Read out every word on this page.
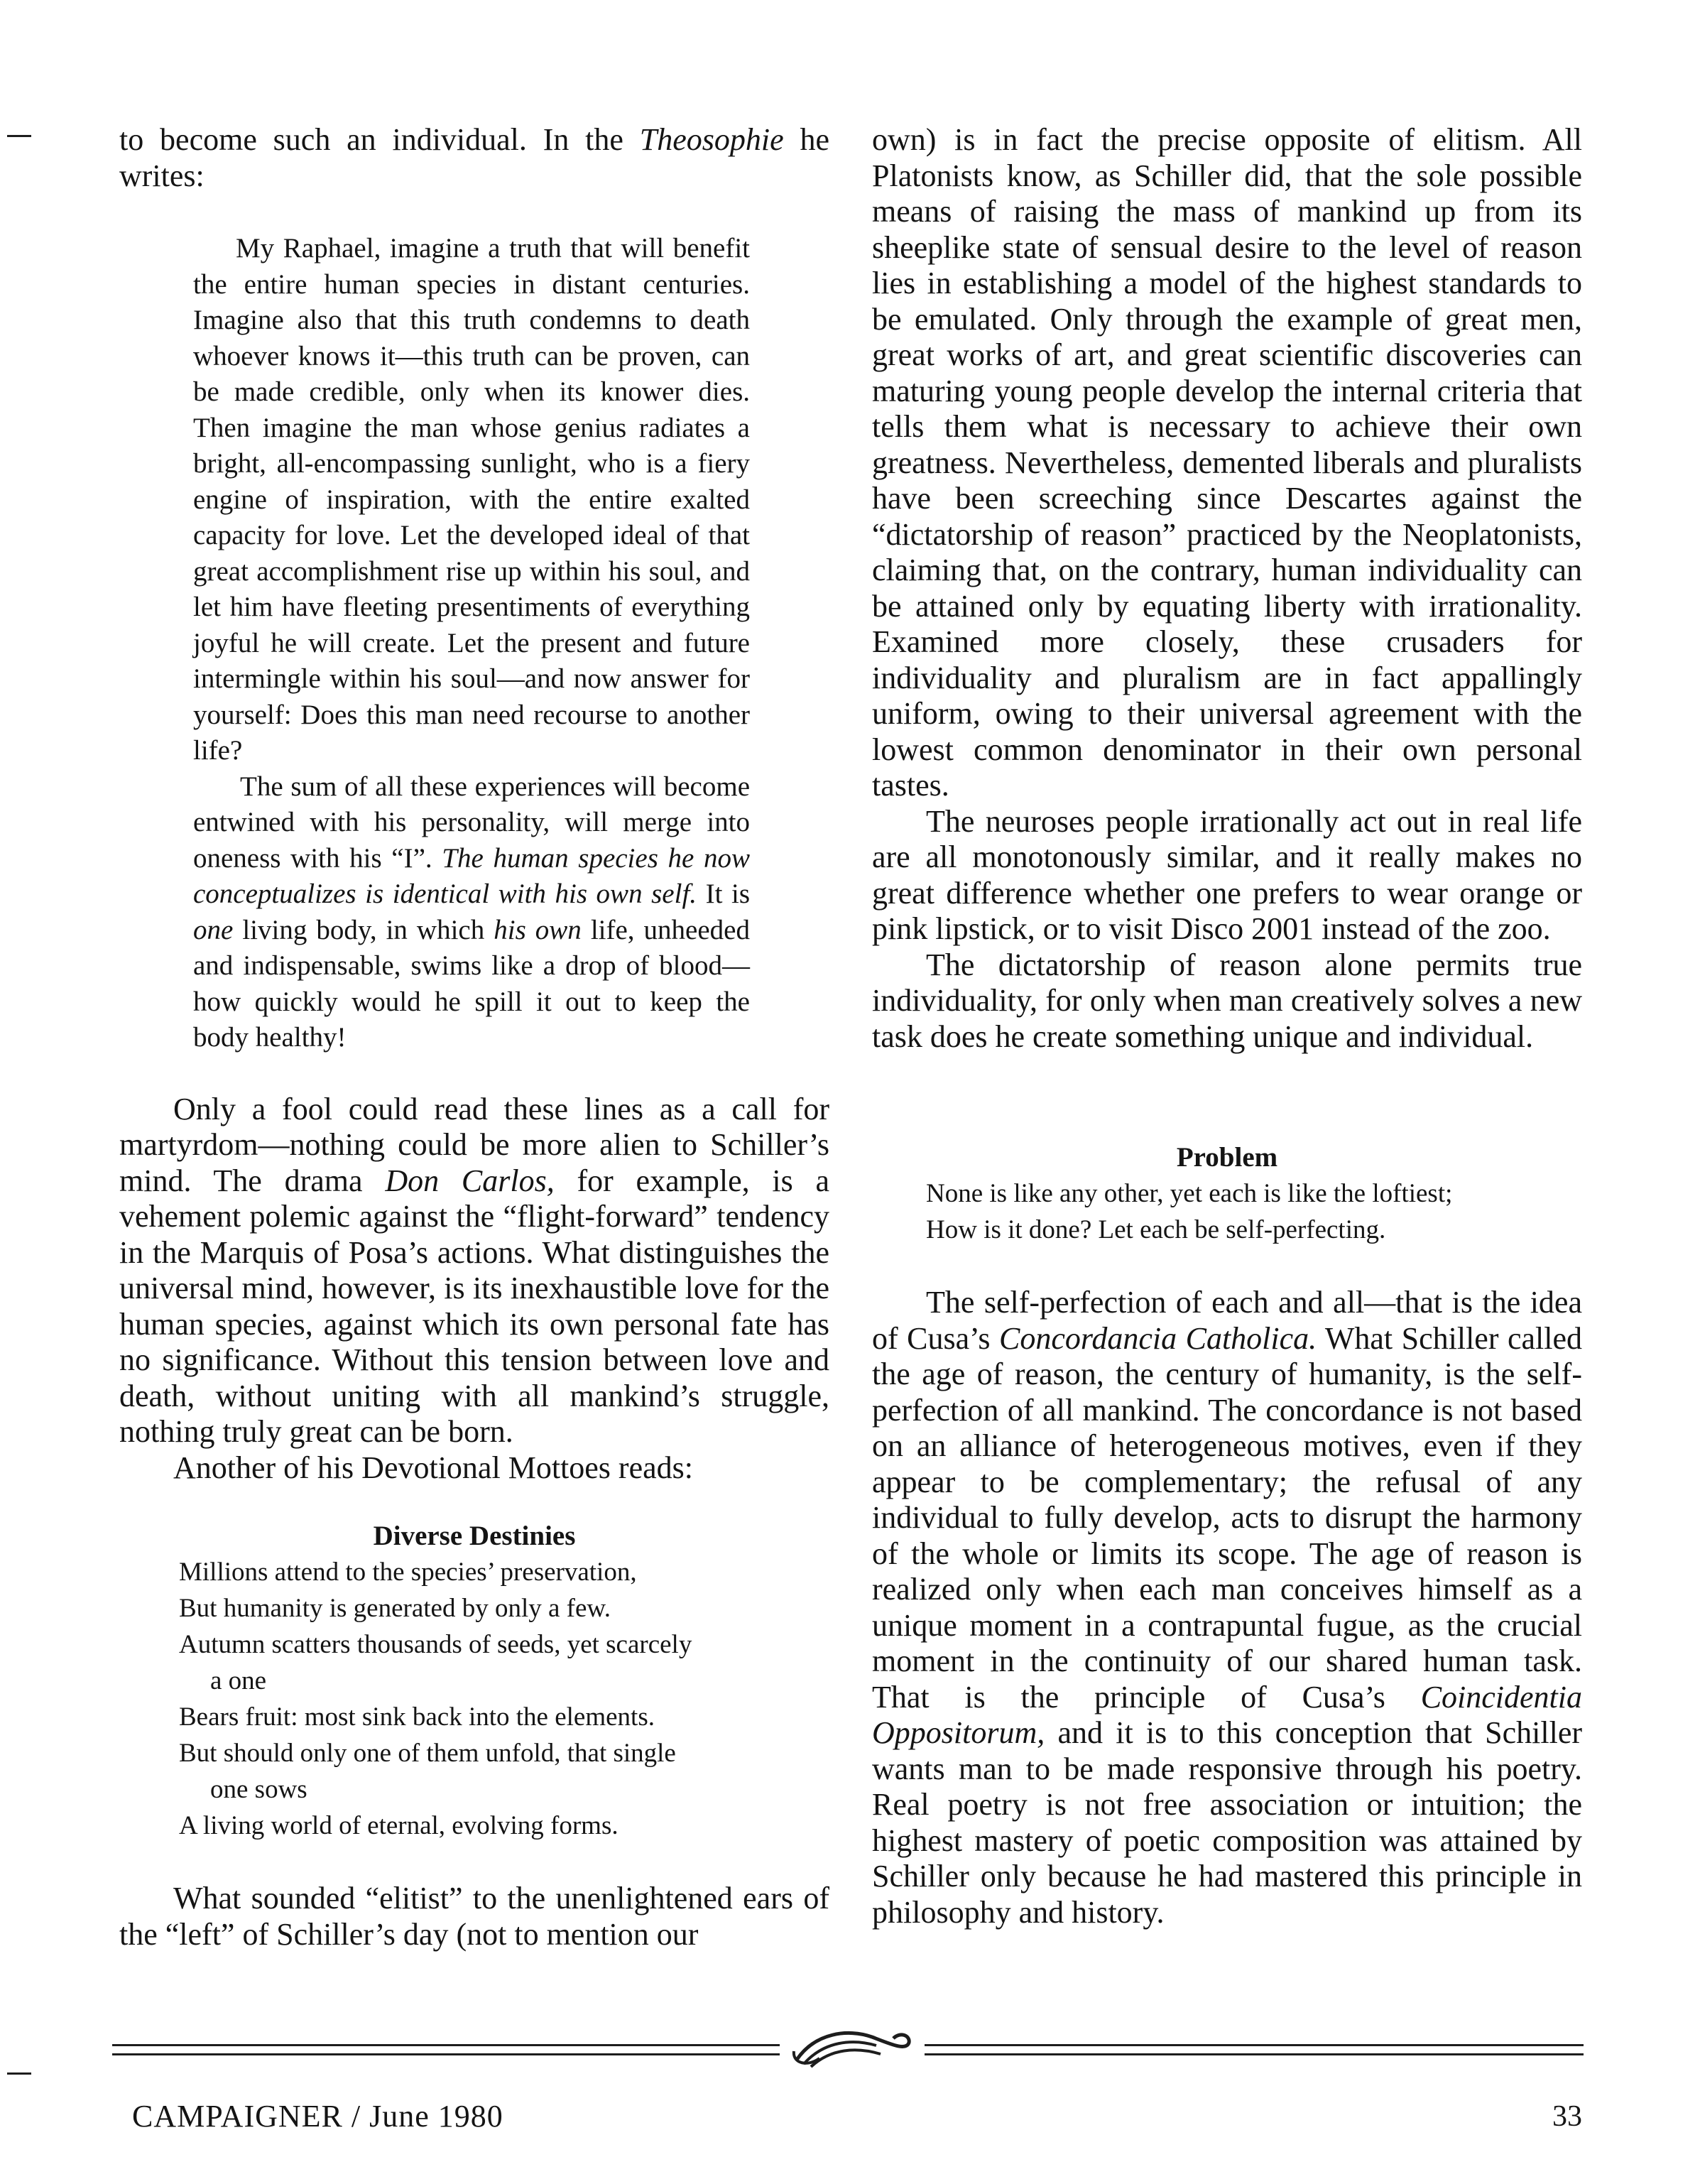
to become such an individual. In the Theosophie he writes:

My Raphael, imagine a truth that will benefit the entire human species in distant centuries. Imagine also that this truth condemns to death whoever knows it—this truth can be proven, can be made credible, only when its knower dies. Then imagine the man whose genius radiates a bright, all-encompassing sunlight, who is a fiery engine of inspiration, with the entire exalted capacity for love. Let the developed ideal of that great accomplishment rise up within his soul, and let him have fleeting presentiments of everything joyful he will create. Let the present and future intermingle within his soul—and now answer for yourself: Does this man need recourse to another life?

The sum of all these experiences will become entwined with his personality, will merge into oneness with his “I”. The human species he now conceptualizes is identical with his own self. It is one living body, in which his own life, unheeded and indispensable, swims like a drop of blood—how quickly would he spill it out to keep the body healthy!

Only a fool could read these lines as a call for martyrdom—nothing could be more alien to Schiller’s mind. The drama Don Carlos, for example, is a vehement polemic against the “flight-forward” tendency in the Marquis of Posa’s actions. What distinguishes the universal mind, however, is its inexhaustible love for the human species, against which its own personal fate has no significance. Without this tension between love and death, without uniting with all mankind’s struggle, nothing truly great can be born.

Another of his Devotional Mottoes reads:

Diverse Destinies
Millions attend to the species’ preservation,
But humanity is generated by only a few.
Autumn scatters thousands of seeds, yet scarcely
a one
Bears fruit: most sink back into the elements.
But should only one of them unfold, that single
one sows
A living world of eternal, evolving forms.

What sounded “elitist” to the unenlightened ears of the “left” of Schiller’s day (not to mention our

own) is in fact the precise opposite of elitism. All Platonists know, as Schiller did, that the sole possible means of raising the mass of mankind up from its sheeplike state of sensual desire to the level of reason lies in establishing a model of the highest standards to be emulated. Only through the example of great men, great works of art, and great scientific discoveries can maturing young people develop the internal criteria that tells them what is necessary to achieve their own greatness. Nevertheless, demented liberals and pluralists have been screeching since Descartes against the “dictatorship of reason” practiced by the Neoplatonists, claiming that, on the contrary, human individuality can be attained only by equating liberty with irrationality. Examined more closely, these crusaders for individuality and pluralism are in fact appallingly uniform, owing to their universal agreement with the lowest common denominator in their own personal tastes.

The neuroses people irrationally act out in real life are all monotonously similar, and it really makes no great difference whether one prefers to wear orange or pink lipstick, or to visit Disco 2001 instead of the zoo.

The dictatorship of reason alone permits true individuality, for only when man creatively solves a new task does he create something unique and individual.

Problem
None is like any other, yet each is like the loftiest;
How is it done? Let each be self-perfecting.

The self-perfection of each and all—that is the idea of Cusa’s Concordancia Catholica. What Schiller called the age of reason, the century of humanity, is the self-perfection of all mankind. The concordance is not based on an alliance of heterogeneous motives, even if they appear to be complementary; the refusal of any individual to fully develop, acts to disrupt the harmony of the whole or limits its scope. The age of reason is realized only when each man conceives himself as a unique moment in a contrapuntal fugue, as the crucial moment in the continuity of our shared human task. That is the principle of Cusa’s Coincidentia Oppositorum, and it is to this conception that Schiller wants man to be made responsive through his poetry. Real poetry is not free association or intuition; the highest mastery of poetic composition was attained by Schiller only because he had mastered this principle in philosophy and history.

CAMPAIGNER / June 1980	33
